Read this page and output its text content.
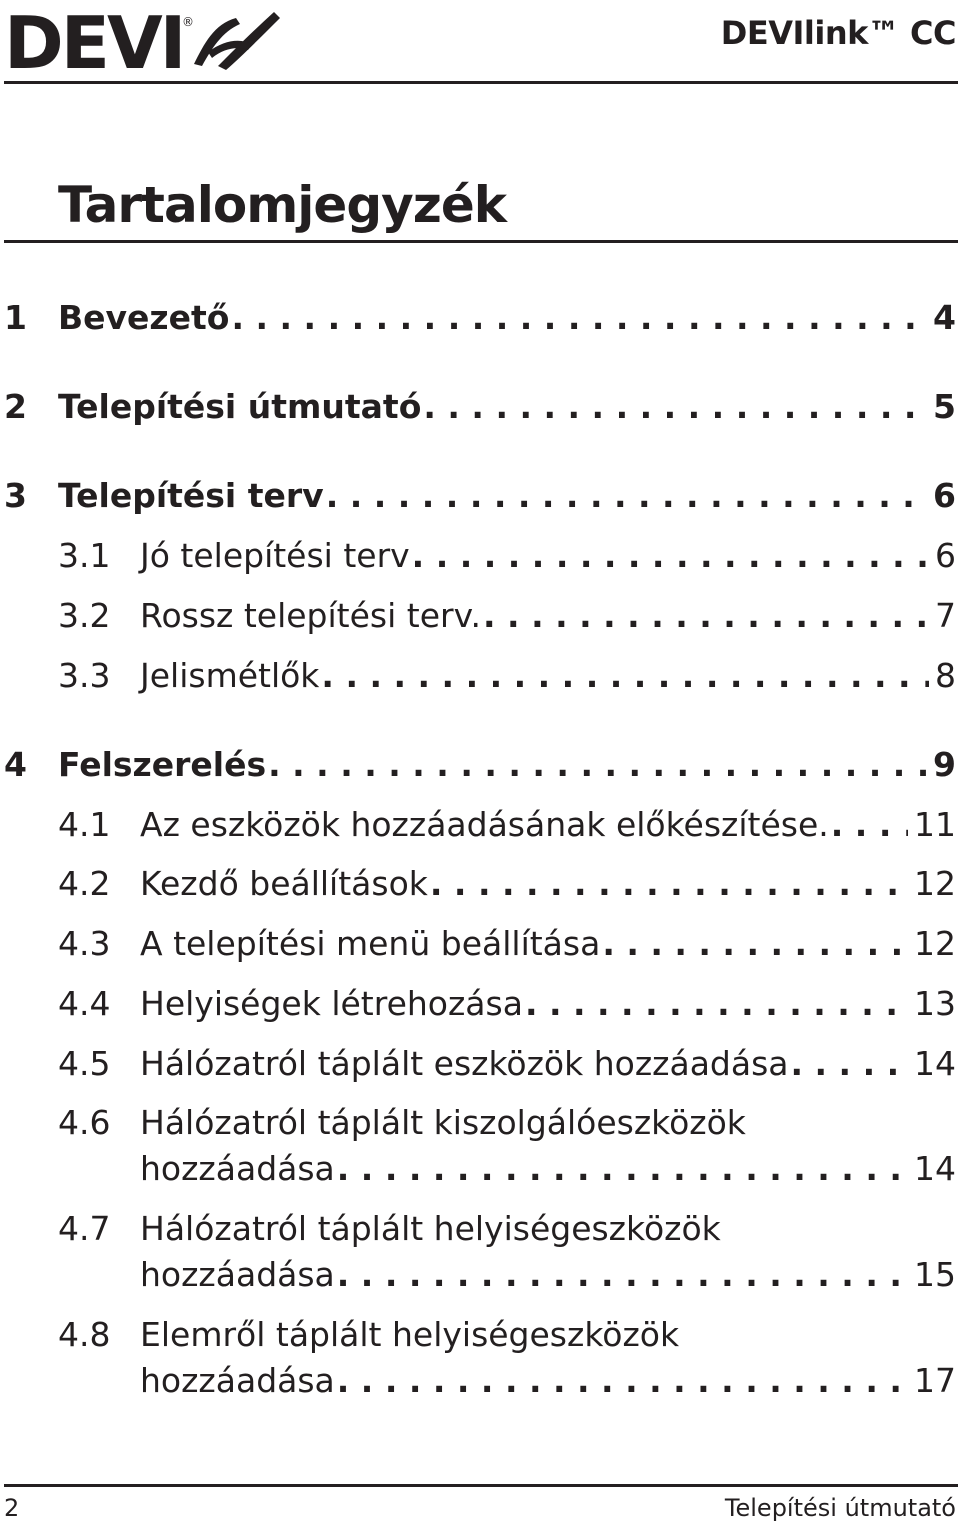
DEVI
®	DEVIlink™ CC
Tartalomjegyzék
1 Bevezető . . .	4
2 Telepítési útmutató . . .	5
3 Telepítési terv . . .	6
3.1 Jó telepítési terv . . .	6
3.2 Rossz telepítési terv. . . .	7
3.3 Jelismétlők . . .	8
4 Felszerelés . . .	9
4.1 Az eszközök hozzáadásának előkészítése. . . .	11
4.2 Kezdő beállítások . . .	12
4.3 A telepítési menü beállítása . . .	12
4.4 Helyiségek létrehozása . . .	13
4.5 Hálózatról táplált eszközök hozzáadása . . .	14
4.6 Hálózatról táplált kiszolgálóeszközök
hozzáadása . . .	14
4.7 Hálózatról táplált helyiségeszközök
hozzáadása . . .	15
4.8 Elemről táplált helyiségeszközök
hozzáadása . . .	17
2	Telepítési útmutató
